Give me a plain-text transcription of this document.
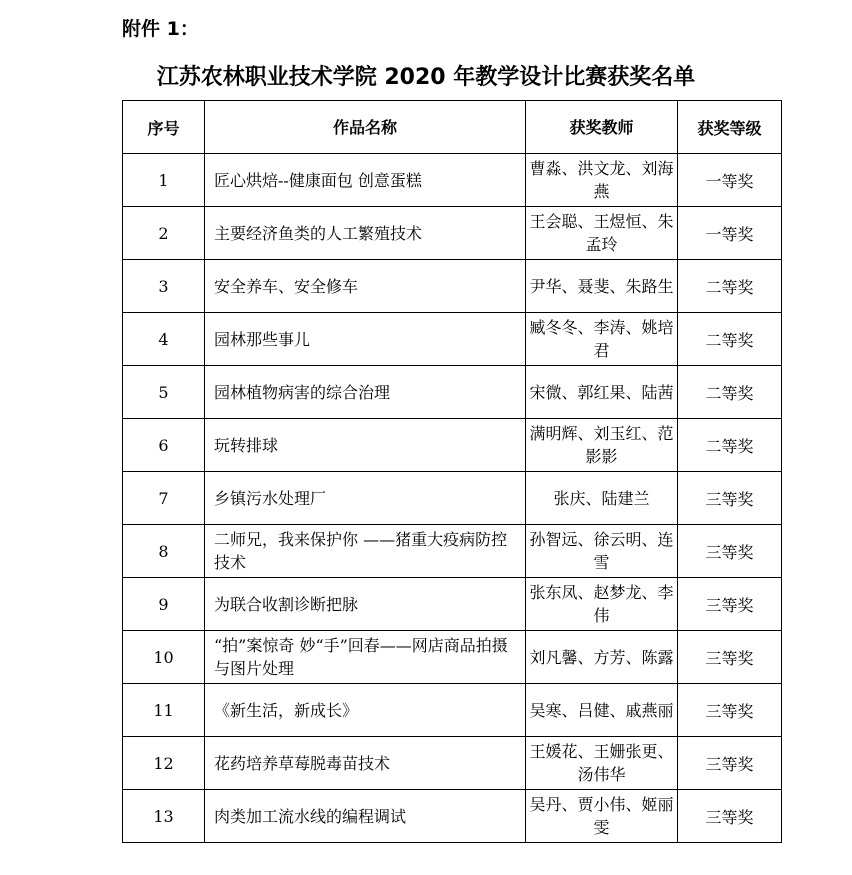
附件 1：
江苏农林职业技术学院 2020 年教学设计比赛获奖名单
序号	作品名称	获奖教师	获奖等级
1	匠心烘焙--健康面包 创意蛋糕	曹淼、洪文龙、刘海燕	一等奖
2	主要经济鱼类的人工繁殖技术	王会聪、王煜恒、朱孟玲	一等奖
3	安全养车、安全修车	尹华、聂斐、朱路生	二等奖
4	园林那些事儿	臧冬冬、李涛、姚培君	二等奖
5	园林植物病害的综合治理	宋微、郭红果、陆茜	二等奖
6	玩转排球	满明辉、刘玉红、范影影	二等奖
7	乡镇污水处理厂	张庆、陆建兰	三等奖
8	二师兄，我来保护你 ——猪重大疫病防控技术	孙智远、徐云明、连雪	三等奖
9	为联合收割诊断把脉	张东凤、赵梦龙、李伟	三等奖
10	“拍”案惊奇 妙“手”回春——网店商品拍摄与图片处理	刘凡馨、方芳、陈露	三等奖
11	《新生活，新成长》	吴寒、吕健、戚燕丽	三等奖
12	花药培养草莓脱毒苗技术	王媛花、王姗张更、汤伟华	三等奖
13	肉类加工流水线的编程调试	吴丹、贾小伟、姬丽雯	三等奖
